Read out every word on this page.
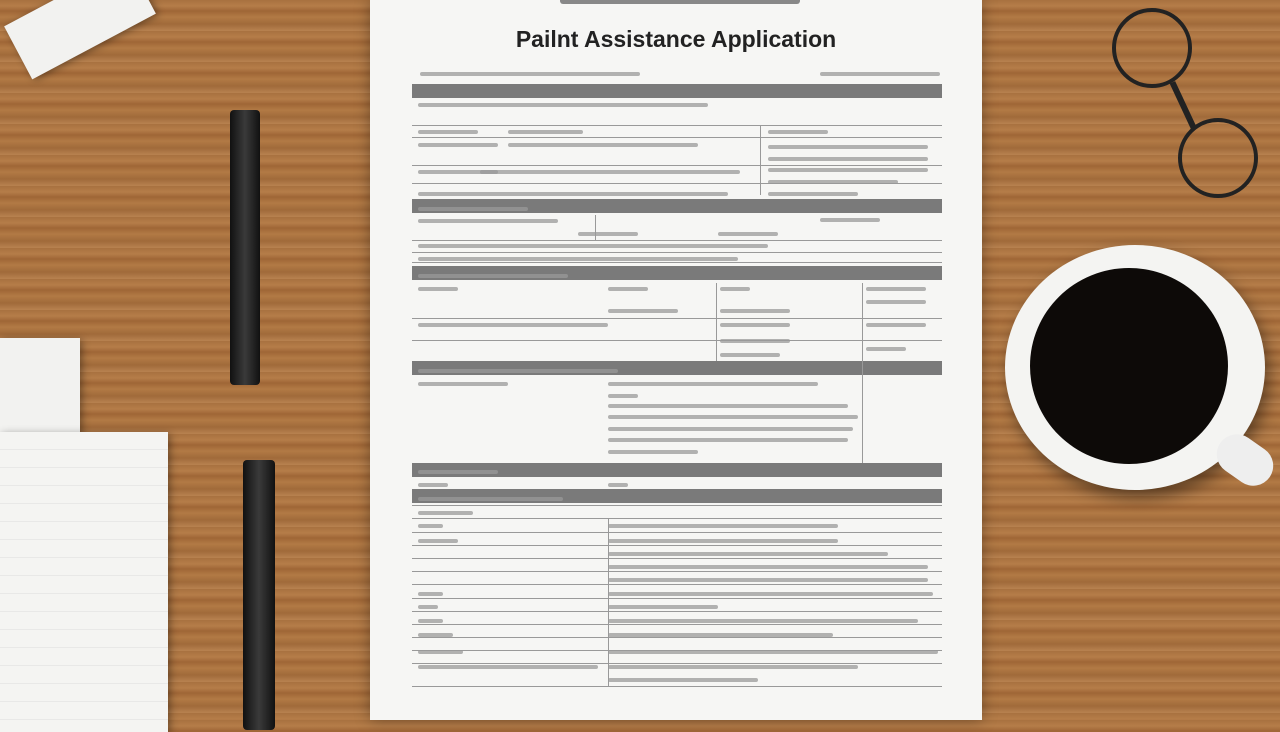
Pailnt Assistance Application
